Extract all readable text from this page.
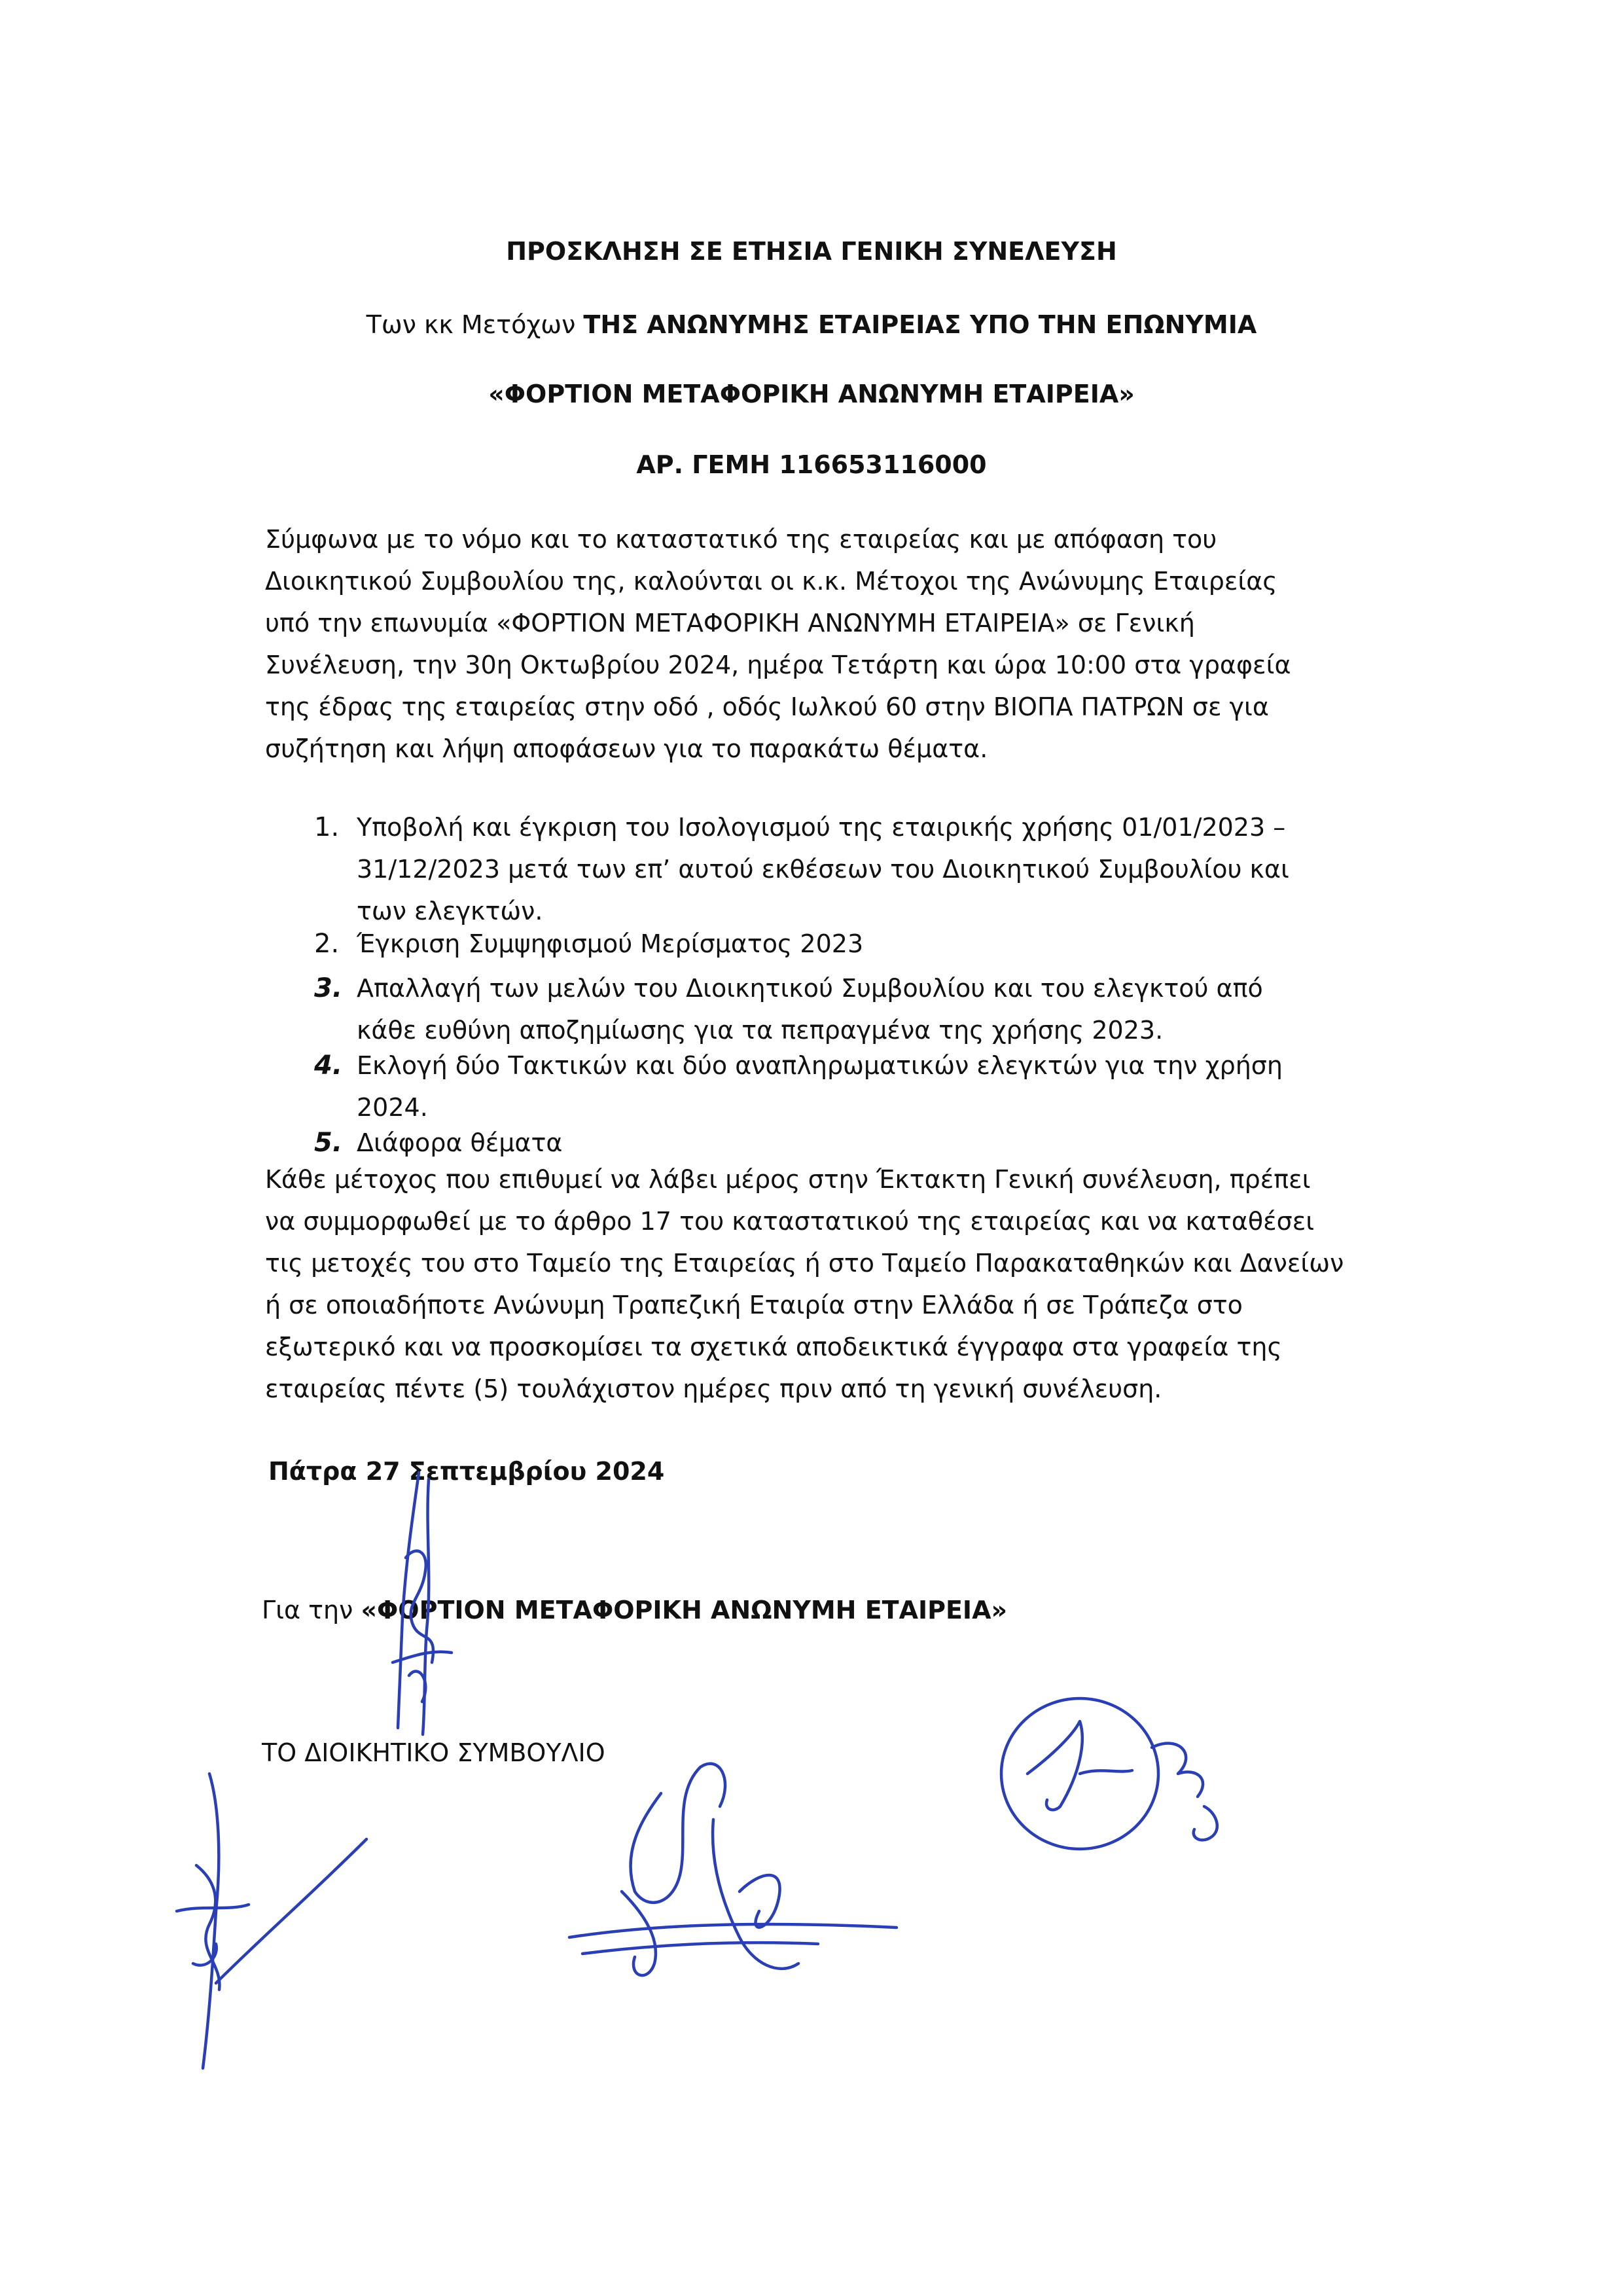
ΠΡΟΣΚΛΗΣΗ ΣΕ ΕΤΗΣΙΑ ΓΕΝΙΚΗ ΣΥΝΕΛΕΥΣΗ
Των κκ Μετόχων ΤΗΣ ΑΝΩΝΥΜΗΣ ΕΤΑΙΡΕΙΑΣ ΥΠΟ ΤΗΝ ΕΠΩΝΥΜΙΑ
«ΦΟΡΤΙΟΝ ΜΕΤΑΦΟΡΙΚΗ ΑΝΩΝΥΜΗ ΕΤΑΙΡΕΙΑ»
ΑΡ. ΓΕΜΗ 116653116000
Σύμφωνα με το νόμο και το καταστατικό της εταιρείας και με απόφαση του
Διοικητικού Συμβουλίου της, καλούνται οι κ.κ. Μέτοχοι της Ανώνυμης Εταιρείας
υπό την επωνυμία «ΦΟΡΤΙΟΝ ΜΕΤΑΦΟΡΙΚΗ ΑΝΩΝΥΜΗ ΕΤΑΙΡΕΙΑ» σε Γενική
Συνέλευση, την 30η Οκτωβρίου 2024, ημέρα Τετάρτη και ώρα 10:00 στα γραφεία
της έδρας της εταιρείας στην οδό , οδός Ιωλκού 60 στην ΒΙΟΠΑ ΠΑΤΡΩΝ σε για
συζήτηση και λήψη αποφάσεων για το παρακάτω θέματα.
1. Υποβολή και έγκριση του Ισολογισμού της εταιρικής χρήσης 01/01/2023 –
31/12/2023 μετά των επ’ αυτού εκθέσεων του Διοικητικού Συμβουλίου και
των ελεγκτών.
2. Έγκριση Συμψηφισμού Μερίσματος 2023
3. Απαλλαγή των μελών του Διοικητικού Συμβουλίου και του ελεγκτού από
κάθε ευθύνη αποζημίωσης για τα πεπραγμένα της χρήσης 2023.
4. Εκλογή δύο Τακτικών και δύο αναπληρωματικών ελεγκτών για την χρήση
2024.
5. Διάφορα θέματα
Κάθε μέτοχος που επιθυμεί να λάβει μέρος στην Έκτακτη Γενική συνέλευση, πρέπει
να συμμορφωθεί με το άρθρο 17 του καταστατικού της εταιρείας και να καταθέσει
τις μετοχές του στο Ταμείο της Εταιρείας ή στο Ταμείο Παρακαταθηκών και Δανείων
ή σε οποιαδήποτε Ανώνυμη Τραπεζική Εταιρία στην Ελλάδα ή σε Τράπεζα στο
εξωτερικό και να προσκομίσει τα σχετικά αποδεικτικά έγγραφα στα γραφεία της
εταιρείας πέντε (5) τουλάχιστον ημέρες πριν από τη γενική συνέλευση.
Πάτρα 27 Σεπτεμβρίου 2024
Για την «ΦΟΡΤΙΟΝ ΜΕΤΑΦΟΡΙΚΗ ΑΝΩΝΥΜΗ ΕΤΑΙΡΕΙΑ»
ΤΟ ΔΙΟΙΚΗΤΙΚΟ ΣΥΜΒΟΥΛΙΟ
